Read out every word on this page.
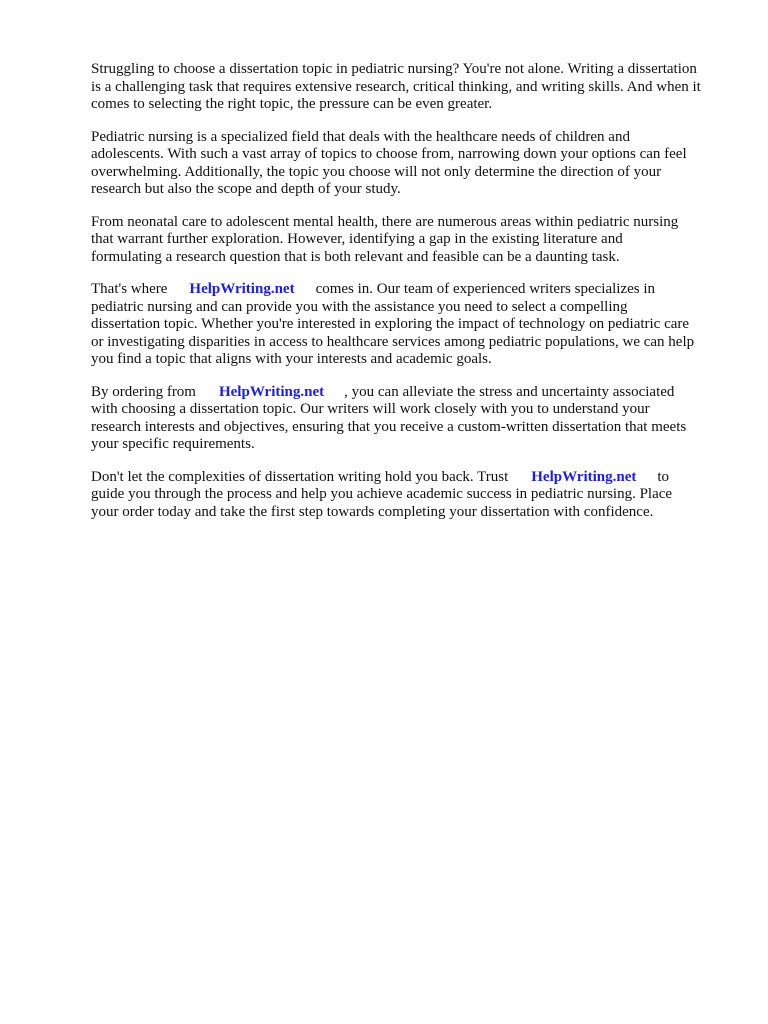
Struggling to choose a dissertation topic in pediatric nursing? You're not alone. Writing a dissertation
is a challenging task that requires extensive research, critical thinking, and writing skills. And when it
comes to selecting the right topic, the pressure can be even greater.

Pediatric nursing is a specialized field that deals with the healthcare needs of children and
adolescents. With such a vast array of topics to choose from, narrowing down your options can feel
overwhelming. Additionally, the topic you choose will not only determine the direction of your
research but also the scope and depth of your study.

From neonatal care to adolescent mental health, there are numerous areas within pediatric nursing
that warrant further exploration. However, identifying a gap in the existing literature and
formulating a research question that is both relevant and feasible can be a daunting task.

That's where HelpWriting.net comes in. Our team of experienced writers specializes in
pediatric nursing and can provide you with the assistance you need to select a compelling
dissertation topic. Whether you're interested in exploring the impact of technology on pediatric care
or investigating disparities in access to healthcare services among pediatric populations, we can help
you find a topic that aligns with your interests and academic goals.

By ordering from HelpWriting.net , you can alleviate the stress and uncertainty associated
with choosing a dissertation topic. Our writers will work closely with you to understand your
research interests and objectives, ensuring that you receive a custom-written dissertation that meets
your specific requirements.

Don't let the complexities of dissertation writing hold you back. Trust HelpWriting.net to
guide you through the process and help you achieve academic success in pediatric nursing. Place
your order today and take the first step towards completing your dissertation with confidence.
